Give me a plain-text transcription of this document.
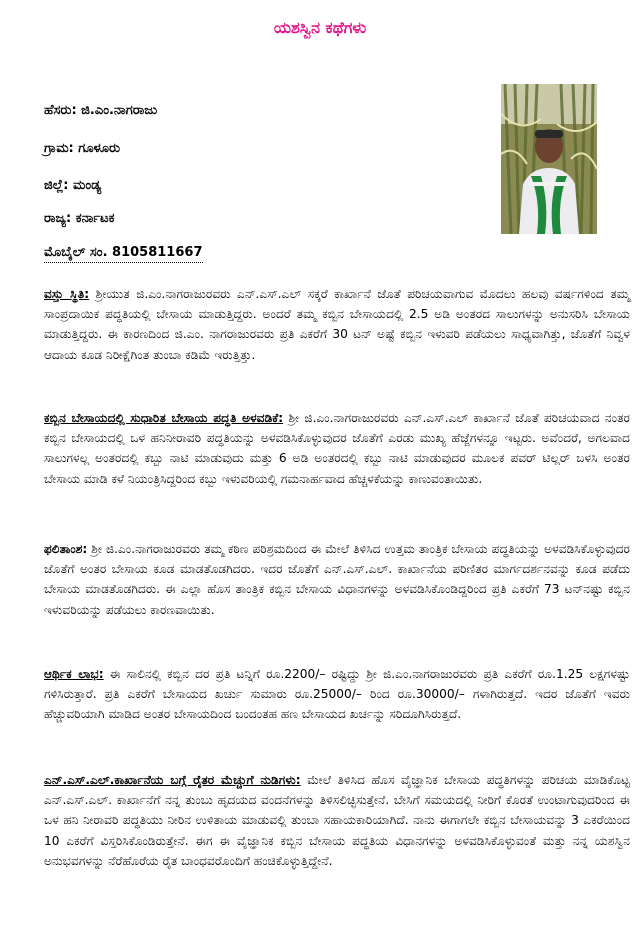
ಯಶಸ್ವಿನ ಕಥೆಗಳು
ಹೆಸರು: ಜಿ.ಎಂ.ನಾಗರಾಜು
ಗ್ರಾಮ: ಗೂಳೂರು
ಜಿಲ್ಲೆ: ಮಂಡ್ಯ
ರಾಜ್ಯ: ಕರ್ನಾಟಕ
ಮೊಬೈಲ್ ಸಂ. 8105811667
ವಸ್ತು ಸ್ಥಿತಿ: ಶ್ರೀಯುತ ಜಿ.ಎಂ.ನಾಗರಾಜುರವರು ಎನ್.ಎಸ್.ಎಲ್ ಸಕ್ಕರೆ ಕಾರ್ಖಾನೆ ಜೊತೆ ಪರಿಚಯವಾಗುವ ಮೊದಲು ಹಲವು ವರ್ಷಗಳಿಂದ ತಮ್ಮ ಸಾಂಪ್ರದಾಯಿಕ ಪದ್ಧತಿಯಲ್ಲಿ ಬೇಸಾಯ ಮಾಡುತ್ತಿದ್ದರು. ಅಂದರೆ ತಮ್ಮ ಕಬ್ಬಿನ ಬೇಸಾಯದಲ್ಲಿ 2.5 ಅಡಿ ಅಂತರದ ಸಾಲುಗಳನ್ನು ಅನುಸರಿಸಿ ಬೇಸಾಯ ಮಾಡುತ್ತಿದ್ದರು. ಈ ಕಾರಣದಿಂದ ಜಿ.ಎಂ. ನಾಗರಾಜುರವರು ಪ್ರತಿ ಎಕರೆಗೆ 30 ಟನ್ ಅಷ್ಟೆ ಕಬ್ಬಿನ ಇಳುವರಿ ಪಡೆಯಲು ಸಾಧ್ಯವಾಗಿತ್ತು, ಜೊತೆಗೆ ನಿವ್ವಳ ಆದಾಯ ಕೂಡ ನಿರೀಕ್ಷೆಗಿಂತ ತುಂಬಾ ಕಡಿಮೆ ಇರುತ್ತಿತ್ತು.
ಕಬ್ಬಿನ ಬೇಸಾಯದಲ್ಲಿ ಸುಧಾರಿತ ಬೇಸಾಯ ಪದ್ಧತಿ ಅಳವಡಿಕೆ: ಶ್ರೀ ಜಿ.ಎಂ.ನಾಗರಾಜುರವರು ಎನ್.ಎಸ್.ಎಲ್ ಕಾರ್ಖಾನೆ ಜೊತೆ ಪರಿಚಯವಾದ ನಂತರ ಕಬ್ಬಿನ ಬೇಸಾಯದಲ್ಲಿ ಒಳ ಹನಿನೀರಾವರಿ ಪದ್ಧತಿಯನ್ನು ಅಳವಡಿಸಿಕೊಳ್ಳುವುದರ ಜೊತೆಗೆ ಎರಡು ಮುಖ್ಯ ಹೆಜ್ಜೆಗಳನ್ನೂ ಇಟ್ಟರು. ಅವೆಂದರೆ, ಅಗಲವಾದ ಸಾಲುಗಳಲ್ಲ ಅಂತರದಲ್ಲಿ ಕಬ್ಬು ನಾಟಿ ಮಾಡುವುದು ಮತ್ತು 6 ಅಡಿ ಅಂತರದಲ್ಲಿ ಕಬ್ಬು ನಾಟಿ ಮಾಡುವುದರ ಮೂಲಕ ಪವರ್ ಟಿಲ್ಲರ್ ಬಳಸಿ ಅಂತರ ಬೇಸಾಯ ಮಾಡಿ ಕಳೆ ನಿಯಂತ್ರಿಸಿದ್ದರಿಂದ ಕಬ್ಬು ಇಳುವರಿಯಲ್ಲಿ ಗಮನಾರ್ಹವಾದ ಹೆಚ್ಚಳಕೆಯನ್ನು ಕಾಣುವಂತಾಯಿತು.
ಫಲಿತಾಂಶ: ಶ್ರೀ ಜಿ.ಎಂ.ನಾಗರಾಜುರವರು ತಮ್ಮ ಕಠಿಣ ಪರಿಶ್ರಮದಿಂದ ಈ ಮೇಲೆ ತಿಳಿಸಿದ ಉತ್ತಮ ತಾಂತ್ರಿಕ ಬೇಸಾಯ ಪದ್ಧತಿಯನ್ನು ಅಳವಡಿಸಿಕೊಳ್ಳುವುದರ ಜೊತೆಗೆ ಅಂತರ ಬೇಸಾಯ ಕೂಡ ಮಾಡತೊಡಗಿದರು. ಇದರ ಜೊತೆಗೆ ಎನ್.ಎಸ್.ಎಲ್. ಕಾರ್ಖಾನೆಯ ಪರಿಣಿತರ ಮಾರ್ಗದರ್ಶನವನ್ನು ಕೂಡ ಪಡೆದು ಬೇಸಾಯ ಮಾಡತೊಡಗಿದರು. ಈ ಎಲ್ಲಾ ಹೊಸ ತಾಂತ್ರಿಕ ಕಬ್ಬಿನ ಬೇಸಾಯ ವಿಧಾನಗಳನ್ನು ಅಳವಡಿಸಿಕೊಂಡಿದ್ದರಿಂದ ಪ್ರತಿ ಎಕರೆಗೆ 73 ಟನ್‌ನಷ್ಟು ಕಬ್ಬಿನ ಇಳುವರಿಯನ್ನು ಪಡೆಯಲು ಕಾರಣವಾಯಿತು.
ಆರ್ಥಿಕ ಲಾಭ: ಈ ಸಾಲಿನಲ್ಲಿ ಕಬ್ಬಿನ ದರ ಪ್ರತಿ ಟನ್ನಿಗೆ ರೂ.2200/– ರಷ್ಟಿದ್ದು ಶ್ರೀ ಜಿ.ಎಂ.ನಾಗರಾಜುರವರು ಪ್ರತಿ ಎಕರೆಗೆ ರೂ.1.25 ಲಕ್ಷಗಳಷ್ಟು ಗಳಿಸಿರುತ್ತಾರೆ. ಪ್ರತಿ ಎಕರೆಗೆ ಬೇಸಾಯದ ಖರ್ಚು ಸುಮಾರು ರೂ.25000/– ರಿಂದ ರೂ.30000/– ಗಳಾಗಿರುತ್ತದೆ. ಇದರ ಜೊತೆಗೆ ಇವರು ಹೆಚ್ಚುವರಿಯಾಗಿ ಮಾಡಿದ ಅಂತರ ಬೇಸಾಯದಿಂದ ಬಂದಂತಹ ಹಣ ಬೇಸಾಯದ ಖರ್ಚನ್ನು ಸರಿದೂಗಿಸಿರುತ್ತದೆ.
ಎನ್.ಎಸ್.ಎಲ್.ಕಾರ್ಖಾನೆಯ ಬಗ್ಗೆ ರೈತರ ಮೆಚ್ಚುಗೆ ನುಡಿಗಳು: ಮೇಲೆ ತಿಳಿಸಿದ ಹೊಸ ವೈಜ್ಞಾನಿಕ ಬೇಸಾಯ ಪದ್ಧತಿಗಳನ್ನು ಪರಿಚಯ ಮಾಡಿಕೊಟ್ಟ ಎನ್.ಎಸ್.ಎಲ್. ಕಾರ್ಖಾನೆಗೆ ನನ್ನ ತುಂಬು ಹೃದಯದ ವಂದನೆಗಳನ್ನು ತಿಳಿಸಲಿಚ್ಛಿಸುತ್ತೇನೆ. ಬೇಸಿಗೆ ಸಮಯದಲ್ಲಿ ನೀರಿಗೆ ಕೊರತೆ ಉಂಟಾಗುವುದರಿಂದ ಈ ಒಳ ಹನಿ ನೀರಾವರಿ ಪದ್ಧತಿಯು ನೀರಿನ ಉಳಿತಾಯ ಮಾಡುವಲ್ಲಿ ತುಂಬಾ ಸಹಾಯಕಾರಿಯಾಗಿದೆ. ನಾನು ಈಗಾಗಲೇ ಕಬ್ಬಿನ ಬೇಸಾಯವನ್ನು 3 ಎಕರೆಯಿಂದ 10 ಎಕರೆಗೆ ವಿಸ್ತರಿಸಿಕೊಂಡಿರುತ್ತೇನೆ. ಈಗ ಈ ವೈಜ್ಞಾನಿಕ ಕಬ್ಬಿನ ಬೇಸಾಯ ಪದ್ಧತಿಯ ವಿಧಾನಗಳನ್ನು ಅಳವಡಿಸಿಕೊಳ್ಳುವಂತೆ ಮತ್ತು ನನ್ನ ಯಶಸ್ವಿನ ಅನುಭವಗಳನ್ನು ನೆರೆಹೊರೆಯ ರೈತ ಬಾಂಧವರೊಂದಿಗೆ ಹಂಚಿಕೊಳ್ಳುತ್ತಿದ್ದೇನೆ.
